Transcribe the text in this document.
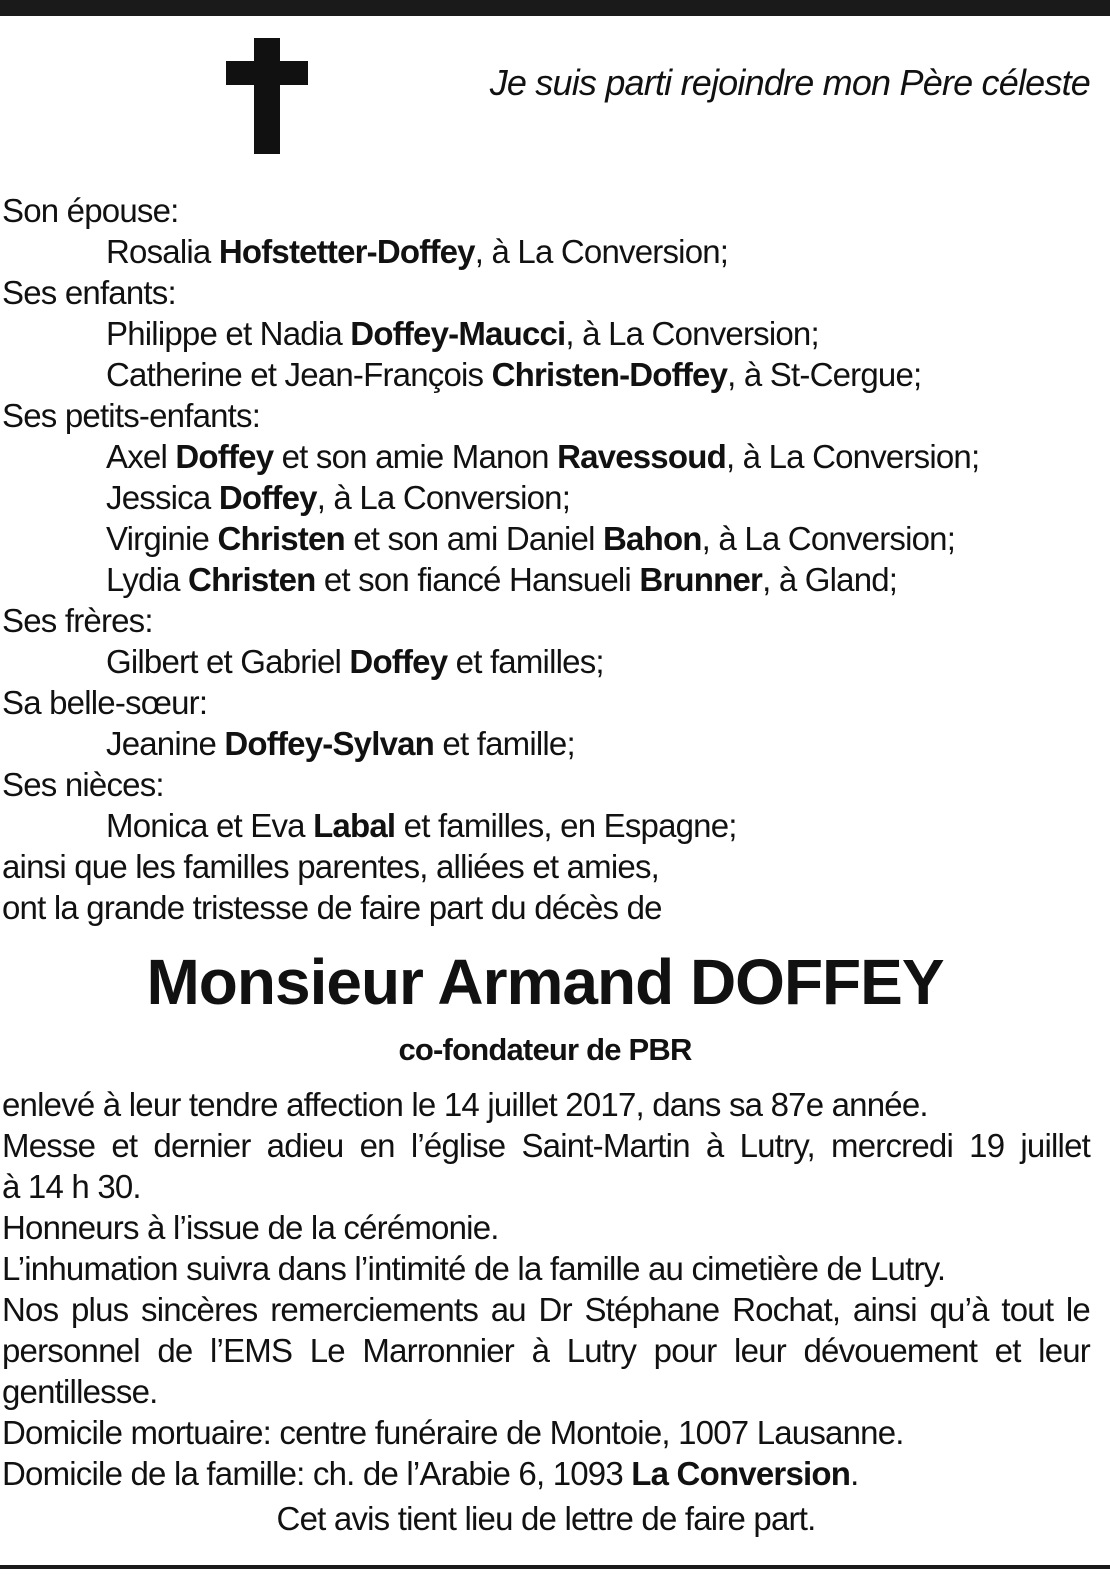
Je suis parti rejoindre mon Père céleste
Son épouse:
Rosalia Hofstetter-Doffey, à La Conversion;
Ses enfants:
Philippe et Nadia Doffey-Maucci, à La Conversion;
Catherine et Jean-François Christen-Doffey, à St-Cergue;
Ses petits-enfants:
Axel Doffey et son amie Manon Ravessoud, à La Conversion;
Jessica Doffey, à La Conversion;
Virginie Christen et son ami Daniel Bahon, à La Conversion;
Lydia Christen et son fiancé Hansueli Brunner, à Gland;
Ses frères:
Gilbert et Gabriel Doffey et familles;
Sa belle-sœur:
Jeanine Doffey-Sylvan et famille;
Ses nièces:
Monica et Eva Labal et familles, en Espagne;
ainsi que les familles parentes, alliées et amies,
ont la grande tristesse de faire part du décès de
Monsieur Armand DOFFEY
co-fondateur de PBR
enlevé à leur tendre affection le 14 juillet 2017, dans sa 87e année.
Messe et dernier adieu en l’église Saint-Martin à Lutry, mercredi 19 juillet
à 14 h 30.
Honneurs à l’issue de la cérémonie.
L’inhumation suivra dans l’intimité de la famille au cimetière de Lutry.
Nos plus sincères remerciements au Dr Stéphane Rochat, ainsi qu’à tout le
personnel de l’EMS Le Marronnier à Lutry pour leur dévouement et leur
gentillesse.
Domicile mortuaire: centre funéraire de Montoie, 1007 Lausanne.
Domicile de la famille: ch. de l’Arabie 6, 1093 La Conversion.
Cet avis tient lieu de lettre de faire part.
